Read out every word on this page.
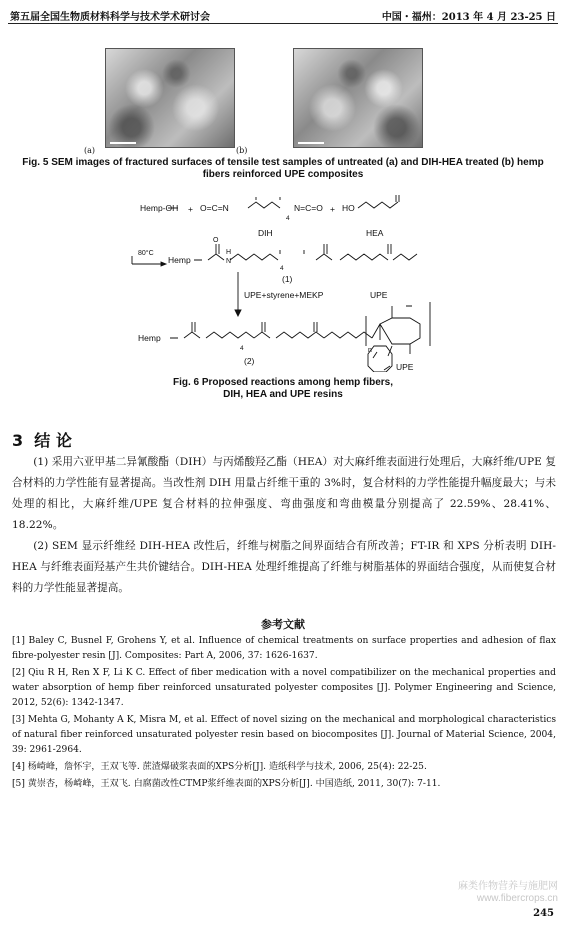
第五届全国生物质材料科学与技术学术研讨会	中国・福州：2013 年 4 月 23-25 日
(a)	(b)
Fig. 5 SEM images of fractured surfaces of tensile test samples of untreated (a) and DIH-HEA treated (b) hemp
fibers reinforced UPE composites
Hemp-OH + O=C=N
4
N=C=O + HO
DIH	HEA
80°C
Hemp
O
H
N
4
(1)
UPE+styrene+MEKP	UPE
UPE
Hemp
4	n
(2)
Fig. 6 Proposed reactions among hemp fibers,
DIH, HEA and UPE resins
3 结 论
(1) 采用六亚甲基二异氰酸酯（DIH）与丙烯酸羟乙酯（HEA）对大麻纤维表面进行处理后，大麻纤维/UPE 复合材料的力学性能有显著提高。当改性剂 DIH 用量占纤维干重的 3%时，复合材料的力学性能提升幅度最大；与未处理的相比，大麻纤维/UPE 复合材料的拉伸强度、弯曲强度和弯曲模量分别提高了 22.59%、28.41%、18.22%。
(2) SEM 显示纤维经 DIH-HEA 改性后，纤维与树脂之间界面结合有所改善；FT-IR 和 XPS 分析表明 DIH-HEA 与纤维表面羟基产生共价键结合。DIH-HEA 处理纤维提高了纤维与树脂基体的界面结合强度，从而使复合材料的力学性能显著提高。
参考文献
[1] Baley C, Busnel F, Grohens Y, et al. Influence of chemical treatments on surface properties and adhesion of flax fibre-polyester resin [J]. Composites: Part A, 2006, 37: 1626-1637.
[2] Qiu R H, Ren X F, Li K C. Effect of fiber medication with a novel compatibilizer on the mechanical properties and water absorption of hemp fiber reinforced unsaturated polyester composites [J]. Polymer Engineering and Science, 2012, 52(6): 1342-1347.
[3] Mehta G, Mohanty A K, Misra M, et al. Effect of novel sizing on the mechanical and morphological characteristics of natural fiber reinforced unsaturated polyester resin based on biocomposites [J]. Journal of Material Science, 2004, 39: 2961-2964.
[4] 杨崎峰，詹怀宇，王双飞等. 蔗渣爆破浆表面的XPS分析[J]. 造纸科学与技术, 2006, 25(4): 22-25.
[5] 黄崇杏，杨崎峰，王双飞. 白腐菌改性CTMP浆纤维表面的XPS分析[J]. 中国造纸, 2011, 30(7): 7-11.
麻类作物营养与施肥网
www.fibercrops.cn
245
